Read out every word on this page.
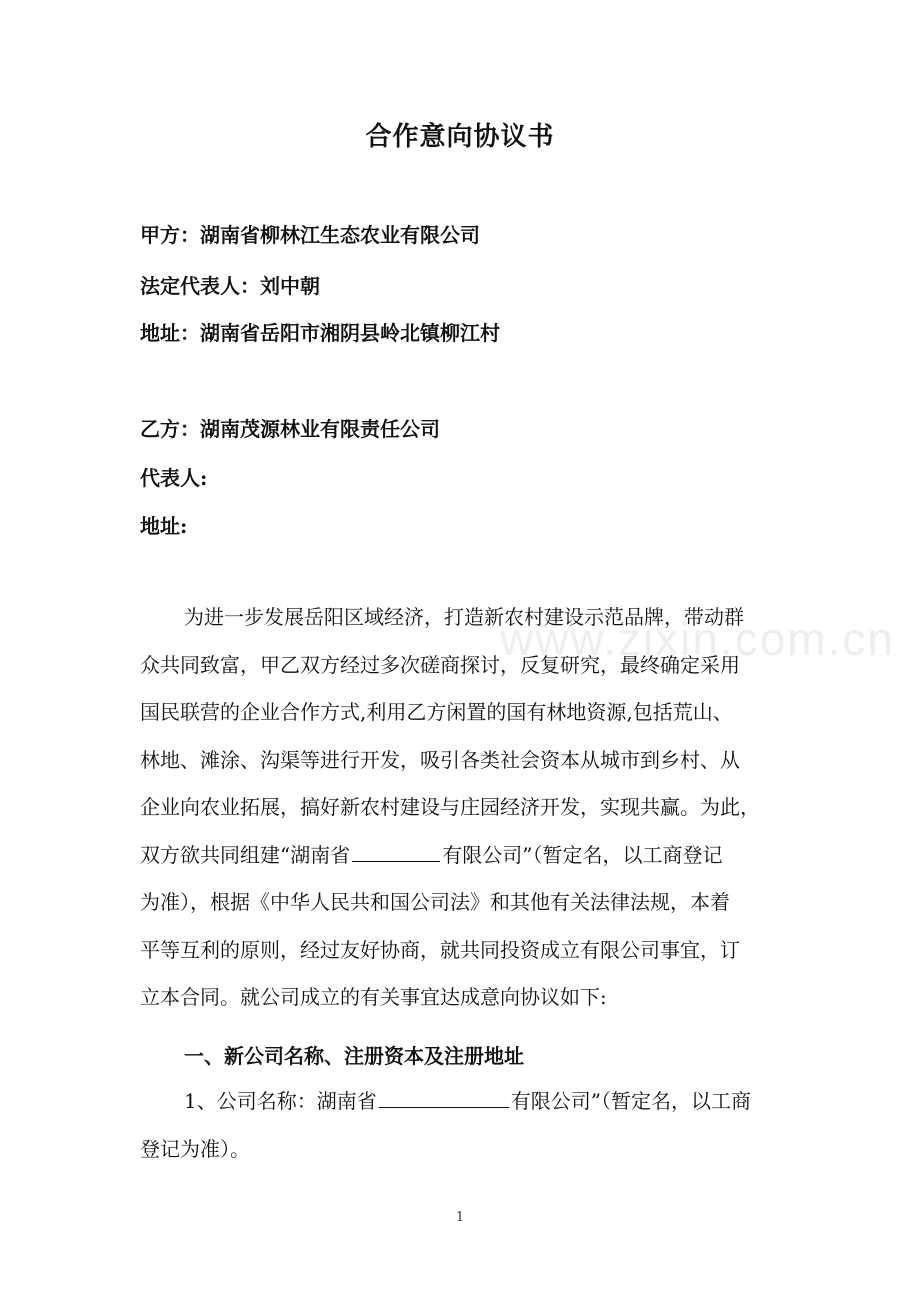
www.zixin.com.cn
合作意向协议书
甲方：湖南省柳林江生态农业有限公司
法定代表人：刘中朝
地址：湖南省岳阳市湘阴县岭北镇柳江村
乙方：湖南茂源林业有限责任公司
代表人:
地址:
为进一步发展岳阳区域经济，打造新农村建设示范品牌，带动群
众共同致富，甲乙双方经过多次磋商探讨，反复研究，最终确定采用
国民联营的企业合作方式,利用乙方闲置的国有林地资源,包括荒山、
林地、滩涂、沟渠等进行开发，吸引各类社会资本从城市到乡村、从
企业向农业拓展，搞好新农村建设与庄园经济开发，实现共赢。为此，
双方欲共同组建“湖南省	有限公司”（暂定名，以工商登记
为准），根据《中华人民共和国公司法》和其他有关法律法规，本着
平等互利的原则，经过友好协商，就共同投资成立有限公司事宜，订
立本合同。就公司成立的有关事宜达成意向协议如下:
一、新公司名称、注册资本及注册地址
1、公司名称：湖南省	有限公司”（暂定名，以工商
登记为准）。
1
